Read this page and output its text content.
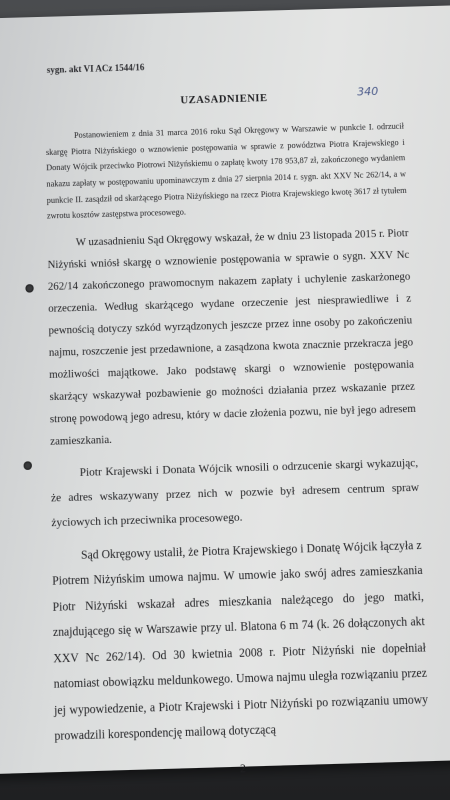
sygn. akt VI ACz 1544/16
340
UZASADNIENIE

Postanowieniem z dnia 31 marca 2016 roku Sąd Okręgowy w Warszawie w punkcie I. odrzucił skargę Piotra Niżyńskiego o wznowienie postępowania w sprawie z powództwa Piotra Krajewskiego i Donaty Wójcik przeciwko Piotrowi Niżyńskiemu o zapłatę kwoty 178 953,87 zł, zakończonego wydaniem nakazu zapłaty w postępowaniu upominawczym z dnia 27 sierpnia 2014 r. sygn. akt XXV Nc 262/14, a w punkcie II. zasądził od skarżącego Piotra Niżyńskiego na rzecz Piotra Krajewskiego kwotę 3617 zł tytułem zwrotu kosztów zastępstwa procesowego.

W uzasadnieniu Sąd Okręgowy wskazał, że w dniu 23 listopada 2015 r. Piotr Niżyński wniósł skargę o wznowienie postępowania w sprawie o sygn. XXV Nc 262/14 zakończonego prawomocnym nakazem zapłaty i uchylenie zaskarżonego orzeczenia. Według skarżącego wydane orzeczenie jest niesprawiedliwe i z pewnością dotyczy szkód wyrządzonych jeszcze przez inne osoby po zakończeniu najmu, roszczenie jest przedawnione, a zasądzona kwota znacznie przekracza jego możliwości majątkowe. Jako podstawę skargi o wznowienie postępowania skarżący wskazywał pozbawienie go możności działania przez wskazanie przez stronę powodową jego adresu, który w dacie złożenia pozwu, nie był jego adresem zamieszkania.

Piotr Krajewski i Donata Wójcik wnosili o odrzucenie skargi wykazując, że adres wskazywany przez nich w pozwie był adresem centrum spraw życiowych ich przeciwnika procesowego.

Sąd Okręgowy ustalił, że Piotra Krajewskiego i Donatę Wójcik łączyła z Piotrem Niżyńskim umowa najmu. W umowie jako swój adres zamieszkania Piotr Niżyński wskazał adres mieszkania należącego do jego matki, znajdującego się w Warszawie przy ul. Blatona 6 m 74 (k. 26 dołączonych akt XXV Nc 262/14). Od 30 kwietnia 2008 r. Piotr Niżyński nie dopełniał natomiast obowiązku meldunkowego. Umowa najmu uległa rozwiązaniu przez jej wypowiedzenie, a Piotr Krajewski i Piotr Niżyński po rozwiązaniu umowy prowadzili korespondencję mailową dotyczącą

2
